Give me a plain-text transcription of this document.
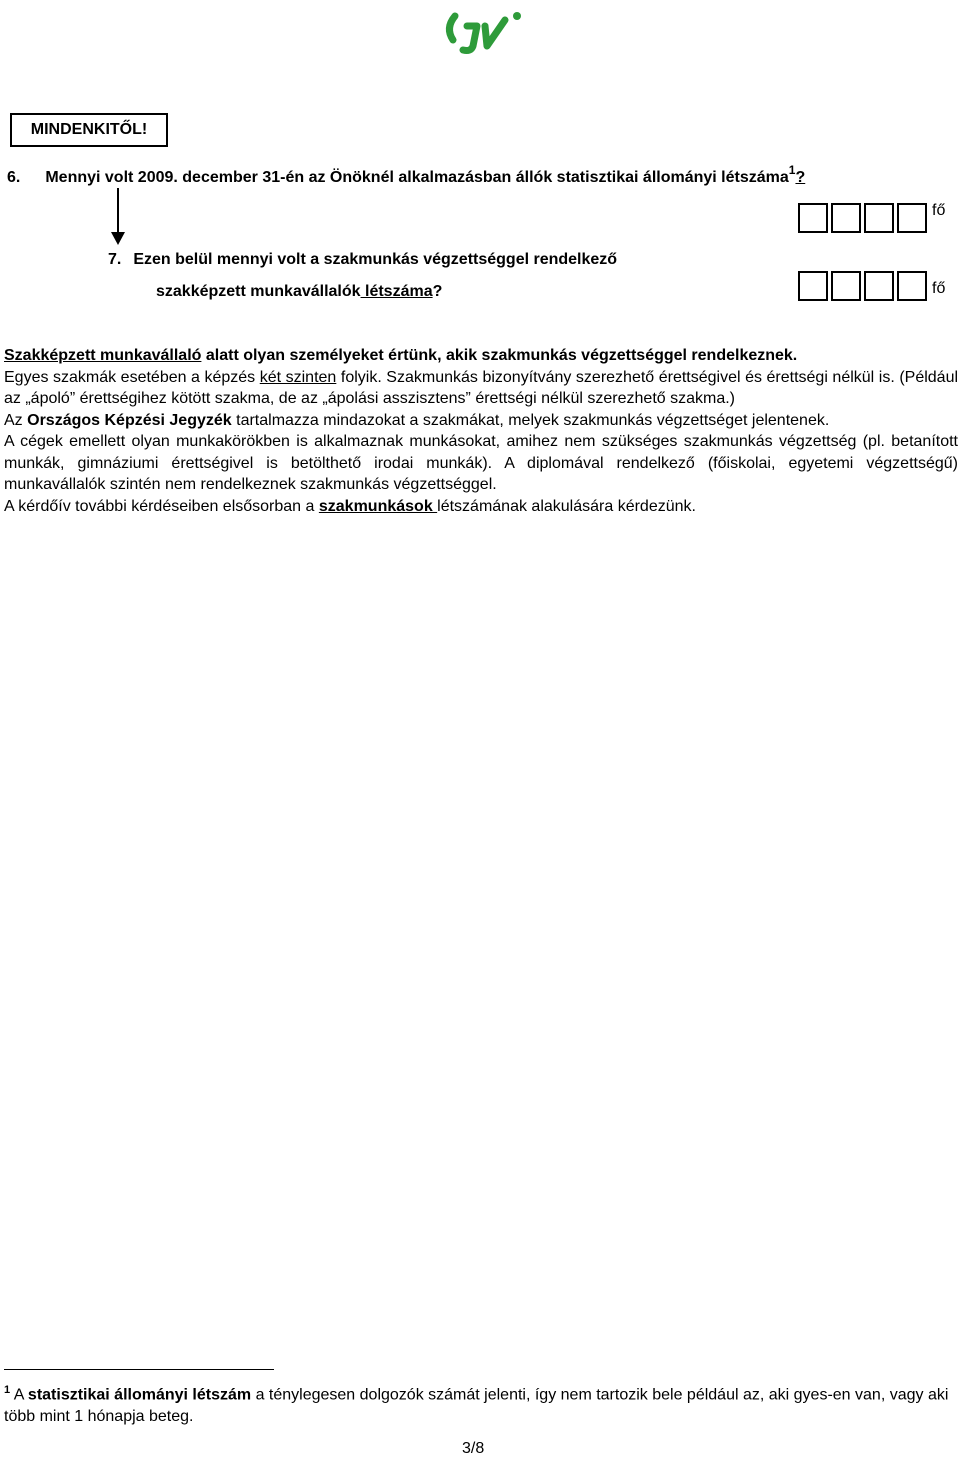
MINDENKITŐL!
6. Mennyi volt 2009. december 31-én az Önöknél alkalmazásban állók statisztikai állományi létszáma$^1$?
fő
7. Ezen belül mennyi volt a szakmunkás végzettséggel rendelkező
szakképzett munkavállalók létszáma?	fő

Szakképzett munkavállaló alatt olyan személyeket értünk, akik szakmunkás végzettséggel rendelkeznek.

Egyes szakmák esetében a képzés két szinten folyik. Szakmunkás bizonyítvány szerezhető érettségivel és érettségi nélkül is. (Például az „ápoló” érettségihez kötött szakma, de az „ápolási asszisztens” érettségi nélkül szerezhető szakma.)

Az Országos Képzési Jegyzék tartalmazza mindazokat a szakmákat, melyek szakmunkás végzettséget jelentenek.

A cégek emellett olyan munkakörökben is alkalmaznak munkásokat, amihez nem szükséges szakmunkás végzettség (pl. betanított munkák, gimnáziumi érettségivel is betölthető irodai munkák). A diplomával rendelkező (főiskolai, egyetemi végzettségű) munkavállalók szintén nem rendelkeznek szakmunkás végzettséggel.

A kérdőív további kérdéseiben elsősorban a szakmunkások létszámának alakulására kérdezünk.

$^1$ A statisztikai állományi létszám a ténylegesen dolgozók számát jelenti, így nem tartozik bele például az, aki gyes-en van, vagy aki több mint 1 hónapja beteg.
3/8
